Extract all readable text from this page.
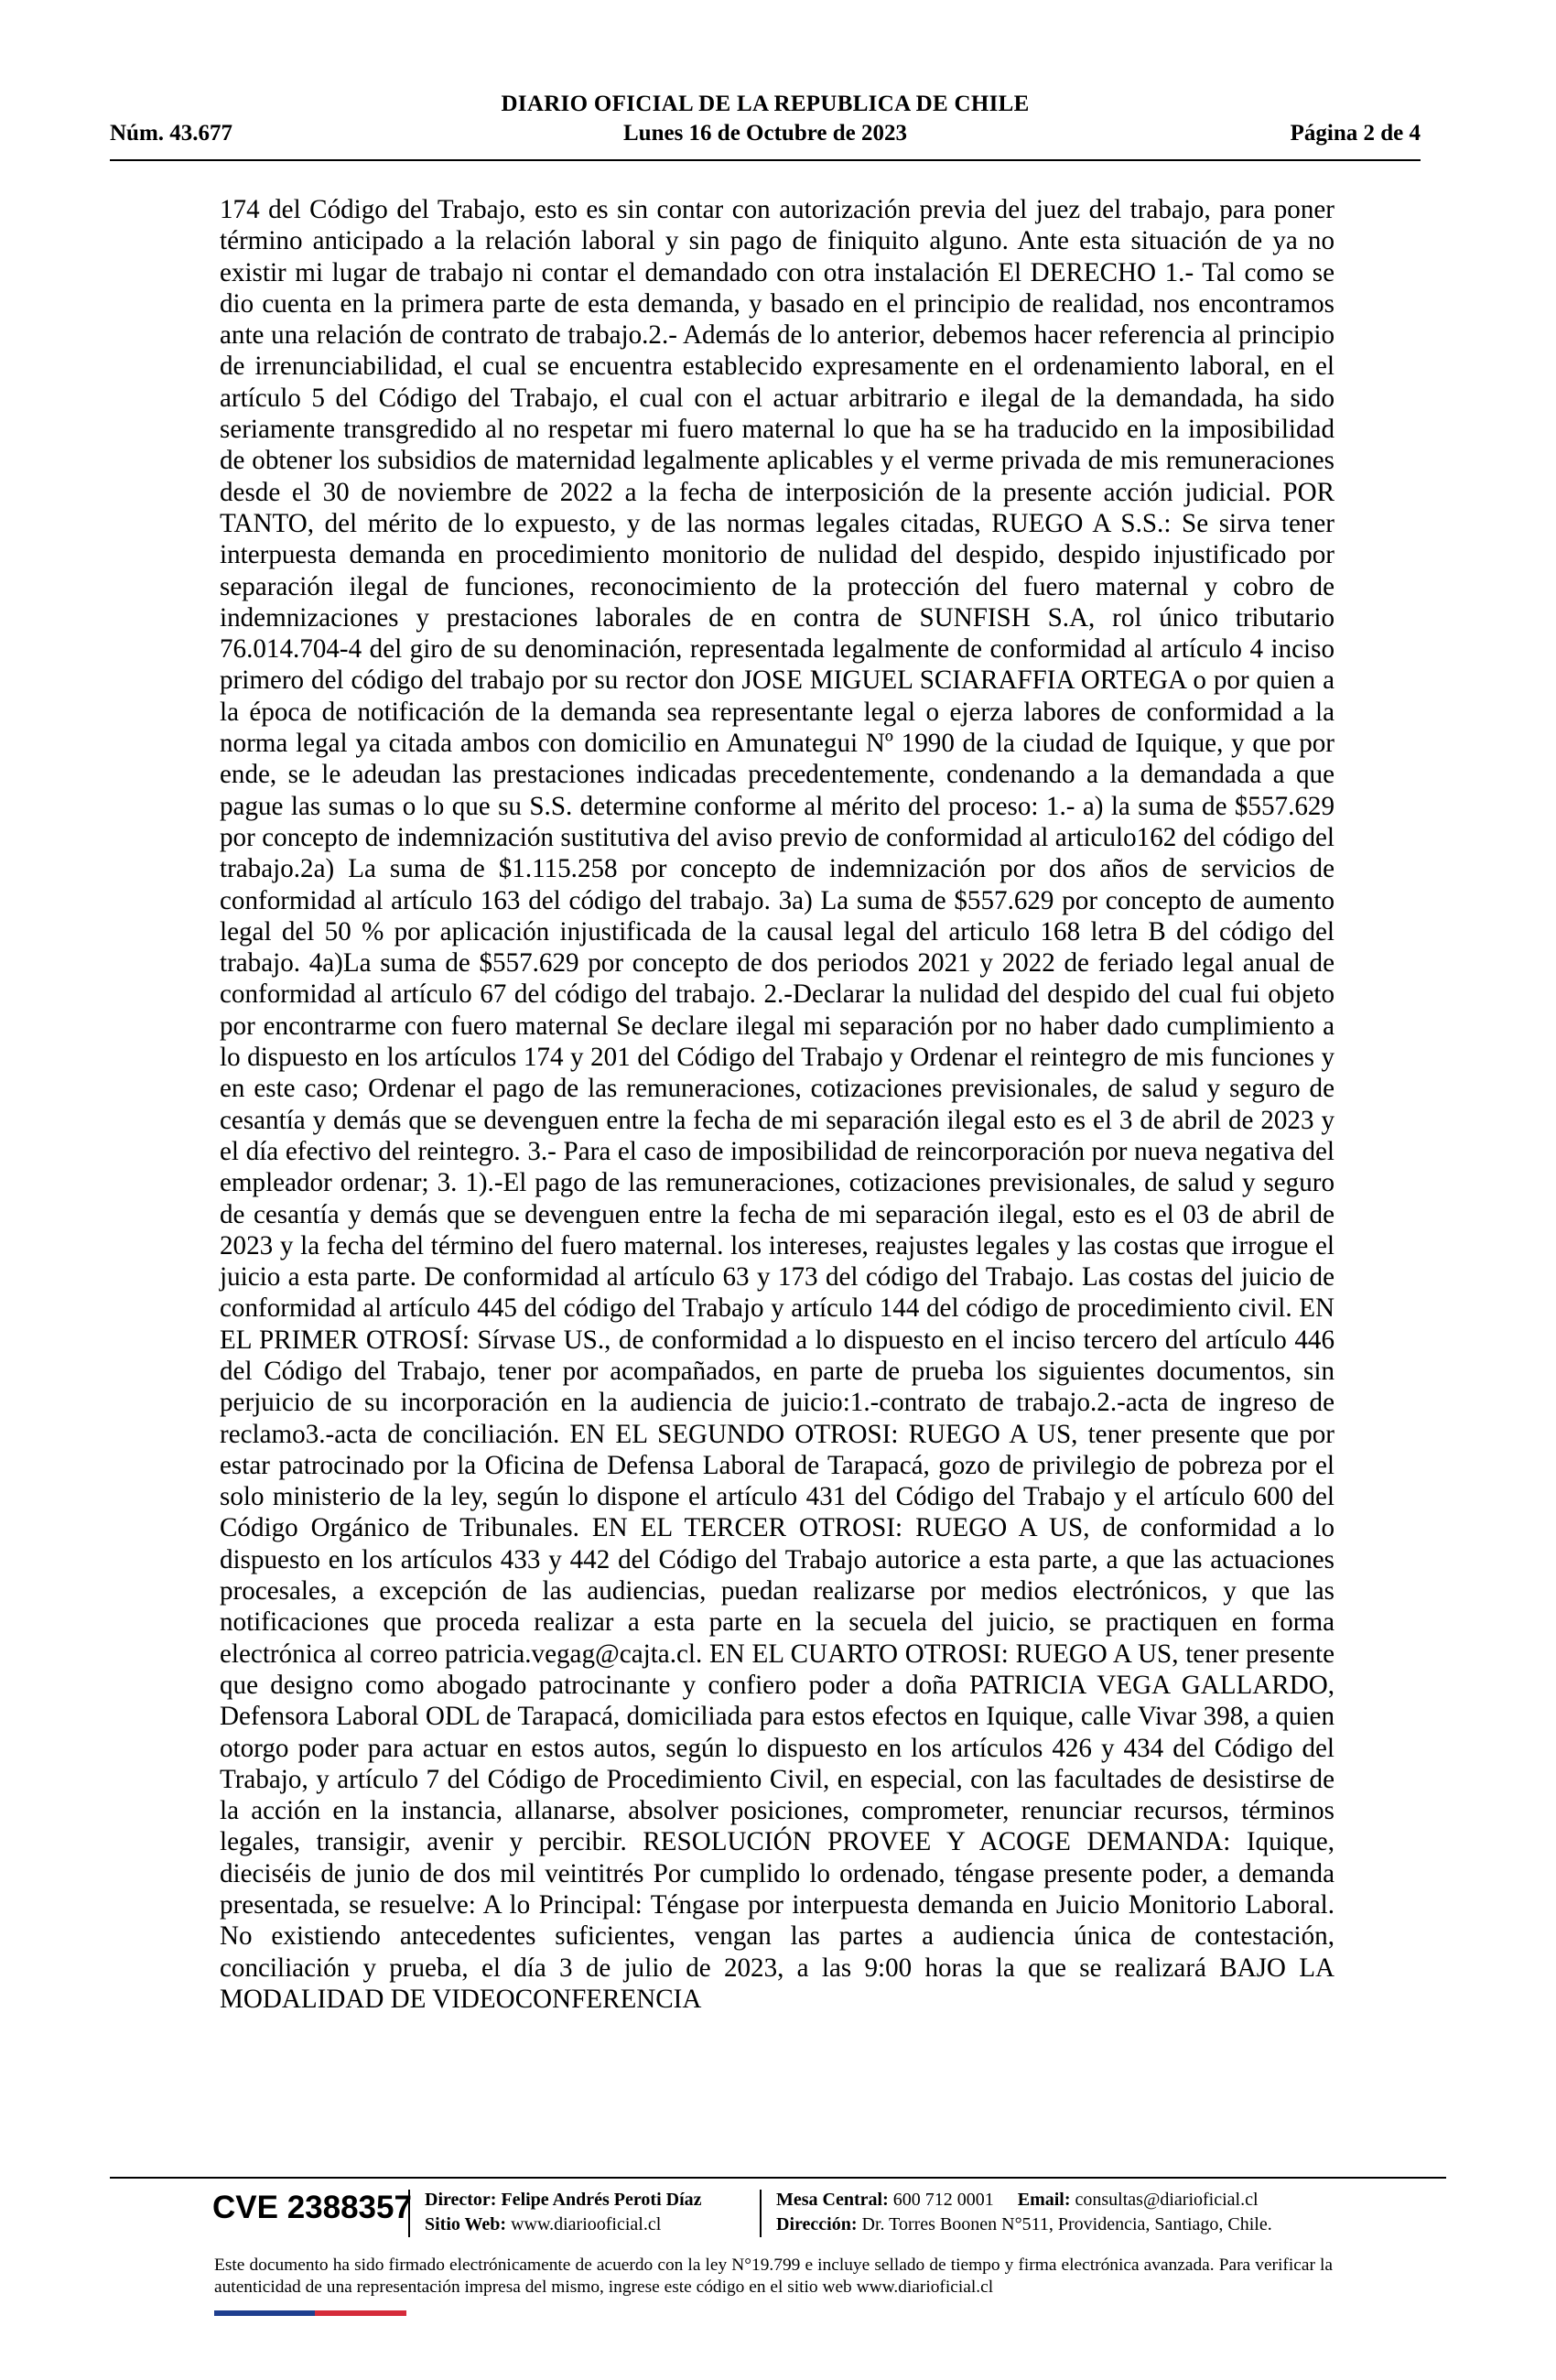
DIARIO OFICIAL DE LA REPUBLICA DE CHILE
Núm. 43.677	Lunes 16 de Octubre de 2023	Página 2 de 4

174 del Código del Trabajo, esto es sin contar con autorización previa del juez del trabajo, para poner término anticipado a la relación laboral y sin pago de finiquito alguno. Ante esta situación de ya no existir mi lugar de trabajo ni contar el demandado con otra instalación El DERECHO 1.- Tal como se dio cuenta en la primera parte de esta demanda, y basado en el principio de realidad, nos encontramos ante una relación de contrato de trabajo.2.- Además de lo anterior, debemos hacer referencia al principio de irrenunciabilidad, el cual se encuentra establecido expresamente en el ordenamiento laboral, en el artículo 5 del Código del Trabajo, el cual con el actuar arbitrario e ilegal de la demandada, ha sido seriamente transgredido al no respetar mi fuero maternal lo que ha se ha traducido en la imposibilidad de obtener los subsidios de maternidad legalmente aplicables y el verme privada de mis remuneraciones desde el 30 de noviembre de 2022 a la fecha de interposición de la presente acción judicial. POR TANTO, del mérito de lo expuesto, y de las normas legales citadas, RUEGO A S.S.: Se sirva tener interpuesta demanda en procedimiento monitorio de nulidad del despido, despido injustificado por separación ilegal de funciones, reconocimiento de la protección del fuero maternal y cobro de indemnizaciones y prestaciones laborales de en contra de SUNFISH S.A, rol único tributario 76.014.704-4 del giro de su denominación, representada legalmente de conformidad al artículo 4 inciso primero del código del trabajo por su rector don JOSE MIGUEL SCIARAFFIA ORTEGA o por quien a la época de notificación de la demanda sea representante legal o ejerza labores de conformidad a la norma legal ya citada ambos con domicilio en Amunategui Nº 1990 de la ciudad de Iquique, y que por ende, se le adeudan las prestaciones indicadas precedentemente, condenando a la demandada a que pague las sumas o lo que su S.S. determine conforme al mérito del proceso: 1.- a) la suma de $557.629 por concepto de indemnización sustitutiva del aviso previo de conformidad al articulo162 del código del trabajo.2a) La suma de $1.115.258 por concepto de indemnización por dos años de servicios de conformidad al artículo 163 del código del trabajo. 3a) La suma de $557.629 por concepto de aumento legal del 50 % por aplicación injustificada de la causal legal del articulo 168 letra B del código del trabajo. 4a)La suma de $557.629 por concepto de dos periodos 2021 y 2022 de feriado legal anual de conformidad al artículo 67 del código del trabajo. 2.-Declarar la nulidad del despido del cual fui objeto por encontrarme con fuero maternal Se declare ilegal mi separación por no haber dado cumplimiento a lo dispuesto en los artículos 174 y 201 del Código del Trabajo y Ordenar el reintegro de mis funciones y en este caso; Ordenar el pago de las remuneraciones, cotizaciones previsionales, de salud y seguro de cesantía y demás que se devenguen entre la fecha de mi separación ilegal esto es el 3 de abril de 2023 y el día efectivo del reintegro. 3.- Para el caso de imposibilidad de reincorporación por nueva negativa del empleador ordenar; 3. 1).-El pago de las remuneraciones, cotizaciones previsionales, de salud y seguro de cesantía y demás que se devenguen entre la fecha de mi separación ilegal, esto es el 03 de abril de 2023 y la fecha del término del fuero maternal. los intereses, reajustes legales y las costas que irrogue el juicio a esta parte. De conformidad al artículo 63 y 173 del código del Trabajo. Las costas del juicio de conformidad al artículo 445 del código del Trabajo y artículo 144 del código de procedimiento civil. EN EL PRIMER OTROSÍ: Sírvase US., de conformidad a lo dispuesto en el inciso tercero del artículo 446 del Código del Trabajo, tener por acompañados, en parte de prueba los siguientes documentos, sin perjuicio de su incorporación en la audiencia de juicio:1.-contrato de trabajo.2.-acta de ingreso de reclamo3.-acta de conciliación. EN EL SEGUNDO OTROSI: RUEGO A US, tener presente que por estar patrocinado por la Oficina de Defensa Laboral de Tarapacá, gozo de privilegio de pobreza por el solo ministerio de la ley, según lo dispone el artículo 431 del Código del Trabajo y el artículo 600 del Código Orgánico de Tribunales. EN EL TERCER OTROSI: RUEGO A US, de conformidad a lo dispuesto en los artículos 433 y 442 del Código del Trabajo autorice a esta parte, a que las actuaciones procesales, a excepción de las audiencias, puedan realizarse por medios electrónicos, y que las notificaciones que proceda realizar a esta parte en la secuela del juicio, se practiquen en forma electrónica al correo patricia.vegag@cajta.cl. EN EL CUARTO OTROSI: RUEGO A US, tener presente que designo como abogado patrocinante y confiero poder a doña PATRICIA VEGA GALLARDO, Defensora Laboral ODL de Tarapacá, domiciliada para estos efectos en Iquique, calle Vivar 398, a quien otorgo poder para actuar en estos autos, según lo dispuesto en los artículos 426 y 434 del Código del Trabajo, y artículo 7 del Código de Procedimiento Civil, en especial, con las facultades de desistirse de la acción en la instancia, allanarse, absolver posiciones, comprometer, renunciar recursos, términos legales, transigir, avenir y percibir. RESOLUCIÓN PROVEE Y ACOGE DEMANDA: Iquique, dieciséis de junio de dos mil veintitrés Por cumplido lo ordenado, téngase presente poder, a demanda presentada, se resuelve: A lo Principal: Téngase por interpuesta demanda en Juicio Monitorio Laboral. No existiendo antecedentes suficientes, vengan las partes a audiencia única de contestación, conciliación y prueba, el día 3 de julio de 2023, a las 9:00 horas la que se realizará BAJO LA MODALIDAD DE VIDEOCONFERENCIA

CVE 2388357 Director: Felipe Andrés Peroti Díaz
Sitio Web: www.diariooficial.cl
Mesa Central: 600 712 0001 Email: consultas@diarioficial.cl
Dirección: Dr. Torres Boonen N°511, Providencia, Santiago, Chile.
Este documento ha sido firmado electrónicamente de acuerdo con la ley N°19.799 e incluye sellado de tiempo y firma electrónica avanzada. Para verificar la autenticidad de una representación impresa del mismo, ingrese este código en el sitio web www.diarioficial.cl
